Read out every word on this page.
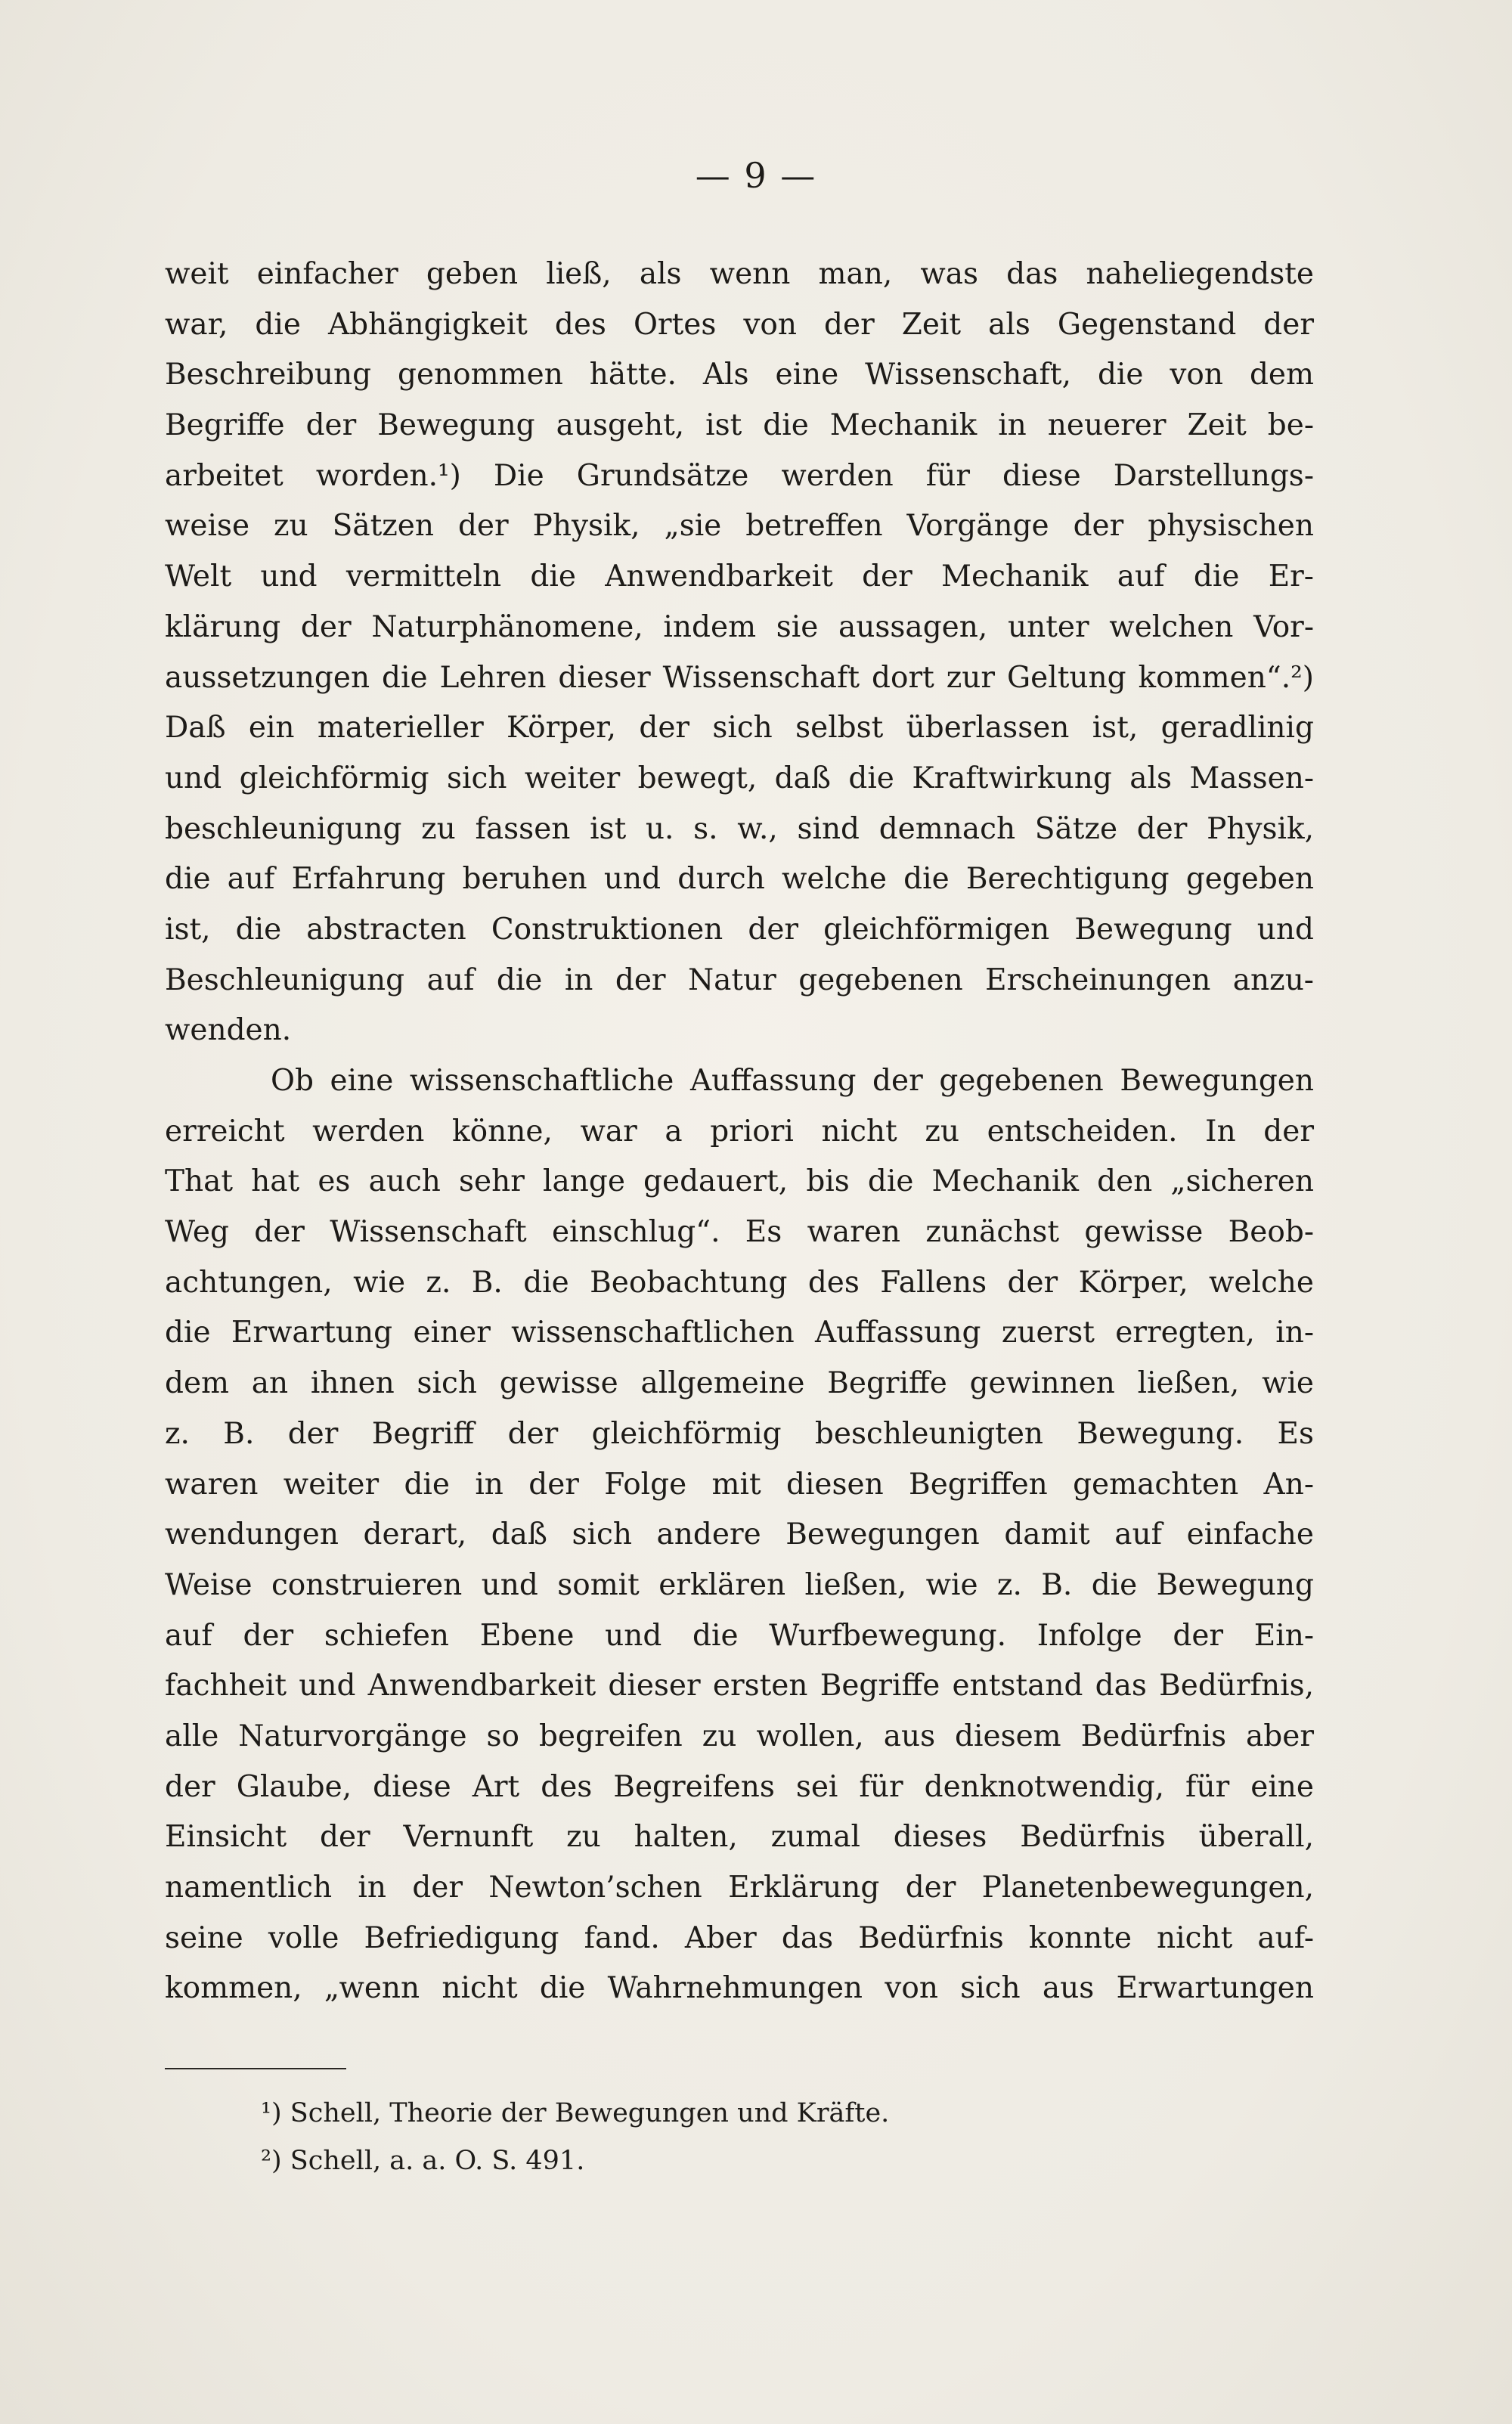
— 9 —
weit einfacher geben ließ, als wenn man, was das naheliegendste
war, die Abhängigkeit des Ortes von der Zeit als Gegenstand der
Beschreibung genommen hätte. Als eine Wissenschaft, die von dem
Begriffe der Bewegung ausgeht, ist die Mechanik in neuerer Zeit be-
arbeitet worden.¹) Die Grundsätze werden für diese Darstellungs-
weise zu Sätzen der Physik, „sie betreffen Vorgänge der physischen
Welt und vermitteln die Anwendbarkeit der Mechanik auf die Er-
klärung der Naturphänomene, indem sie aussagen, unter welchen Vor-
aussetzungen die Lehren dieser Wissenschaft dort zur Geltung kommen“.²)
Daß ein materieller Körper, der sich selbst überlassen ist, geradlinig
und gleichförmig sich weiter bewegt, daß die Kraftwirkung als Massen-
beschleunigung zu fassen ist u. s. w., sind demnach Sätze der Physik,
die auf Erfahrung beruhen und durch welche die Berechtigung gegeben
ist, die abstracten Construktionen der gleichförmigen Bewegung und
Beschleunigung auf die in der Natur gegebenen Erscheinungen anzu-
wenden.
Ob eine wissenschaftliche Auffassung der gegebenen Bewegungen
erreicht werden könne, war a priori nicht zu entscheiden. In der
That hat es auch sehr lange gedauert, bis die Mechanik den „sicheren
Weg der Wissenschaft einschlug“. Es waren zunächst gewisse Beob-
achtungen, wie z. B. die Beobachtung des Fallens der Körper, welche
die Erwartung einer wissenschaftlichen Auffassung zuerst erregten, in-
dem an ihnen sich gewisse allgemeine Begriffe gewinnen ließen, wie
z. B. der Begriff der gleichförmig beschleunigten Bewegung. Es
waren weiter die in der Folge mit diesen Begriffen gemachten An-
wendungen derart, daß sich andere Bewegungen damit auf einfache
Weise construieren und somit erklären ließen, wie z. B. die Bewegung
auf der schiefen Ebene und die Wurfbewegung. Infolge der Ein-
fachheit und Anwendbarkeit dieser ersten Begriffe entstand das Bedürfnis,
alle Naturvorgänge so begreifen zu wollen, aus diesem Bedürfnis aber
der Glaube, diese Art des Begreifens sei für denknotwendig, für eine
Einsicht der Vernunft zu halten, zumal dieses Bedürfnis überall,
namentlich in der Newton’schen Erklärung der Planetenbewegungen,
seine volle Befriedigung fand. Aber das Bedürfnis konnte nicht auf-
kommen, „wenn nicht die Wahrnehmungen von sich aus Erwartungen
¹) Schell, Theorie der Bewegungen und Kräfte.
²) Schell, a. a. O. S. 491.
